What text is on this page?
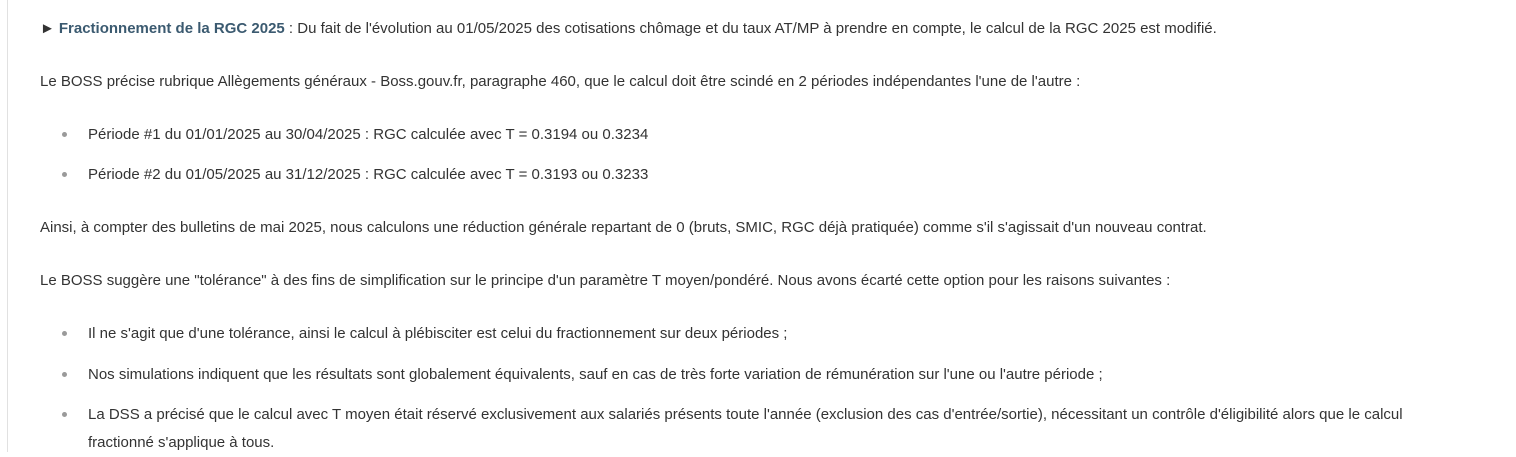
► Fractionnement de la RGC 2025 : Du fait de l'évolution au 01/05/2025 des cotisations chômage et du taux AT/MP à prendre en compte, le calcul de la RGC 2025 est modifié.

Le BOSS précise rubrique Allègements généraux - Boss.gouv.fr, paragraphe 460, que le calcul doit être scindé en 2 périodes indépendantes l'une de l'autre :

Période #1 du 01/01/2025 au 30/04/2025 : RGC calculée avec T = 0.3194 ou 0.3234
Période #2 du 01/05/2025 au 31/12/2025 : RGC calculée avec T = 0.3193 ou 0.3233

Ainsi, à compter des bulletins de mai 2025, nous calculons une réduction générale repartant de 0 (bruts, SMIC, RGC déjà pratiquée) comme s'il s'agissait d'un nouveau contrat.

Le BOSS suggère une "tolérance" à des fins de simplification sur le principe d'un paramètre T moyen/pondéré. Nous avons écarté cette option pour les raisons suivantes :

Il ne s'agit que d'une tolérance, ainsi le calcul à plébisciter est celui du fractionnement sur deux périodes ;
Nos simulations indiquent que les résultats sont globalement équivalents, sauf en cas de très forte variation de rémunération sur l'une ou l'autre période ;
La DSS a précisé que le calcul avec T moyen était réservé exclusivement aux salariés présents toute l'année (exclusion des cas d'entrée/sortie), nécessitant un contrôle d'éligibilité alors que le calcul fractionné s'applique à tous.
